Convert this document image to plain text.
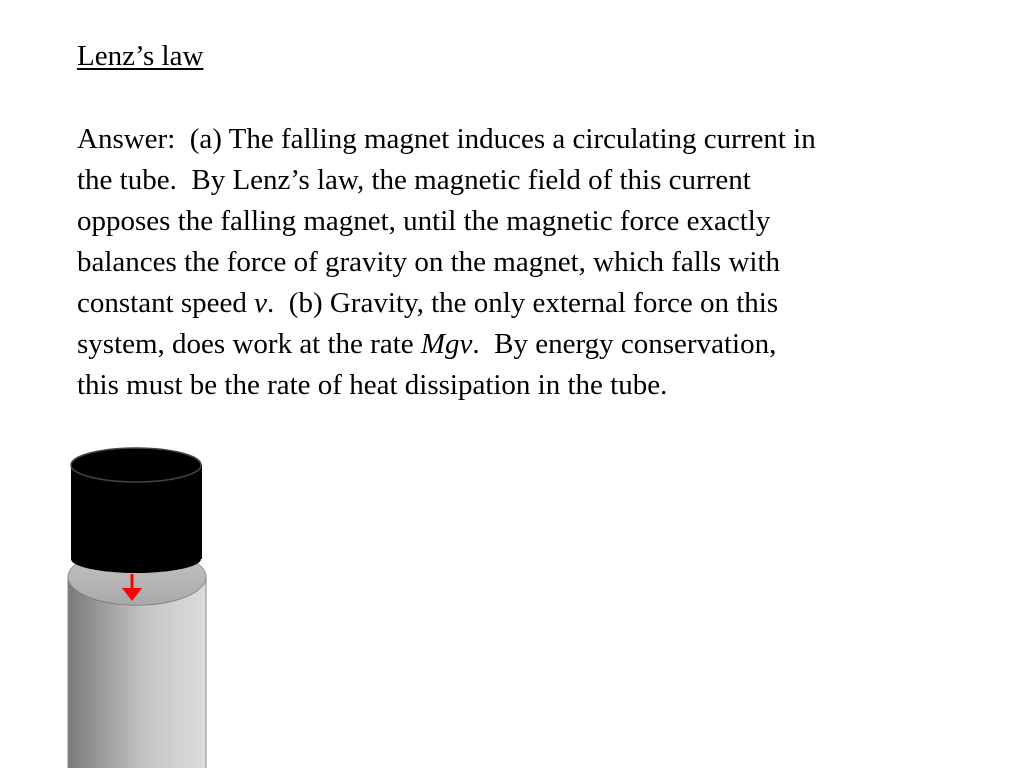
Lenz’s law
Answer:  (a) The falling magnet induces a circulating current in
the tube.  By Lenz’s law, the magnetic field of this current
opposes the falling magnet, until the magnetic force exactly
balances the force of gravity on the magnet, which falls with
constant speed v.  (b) Gravity, the only external force on this
system, does work at the rate Mgv.  By energy conservation,
this must be the rate of heat dissipation in the tube.
